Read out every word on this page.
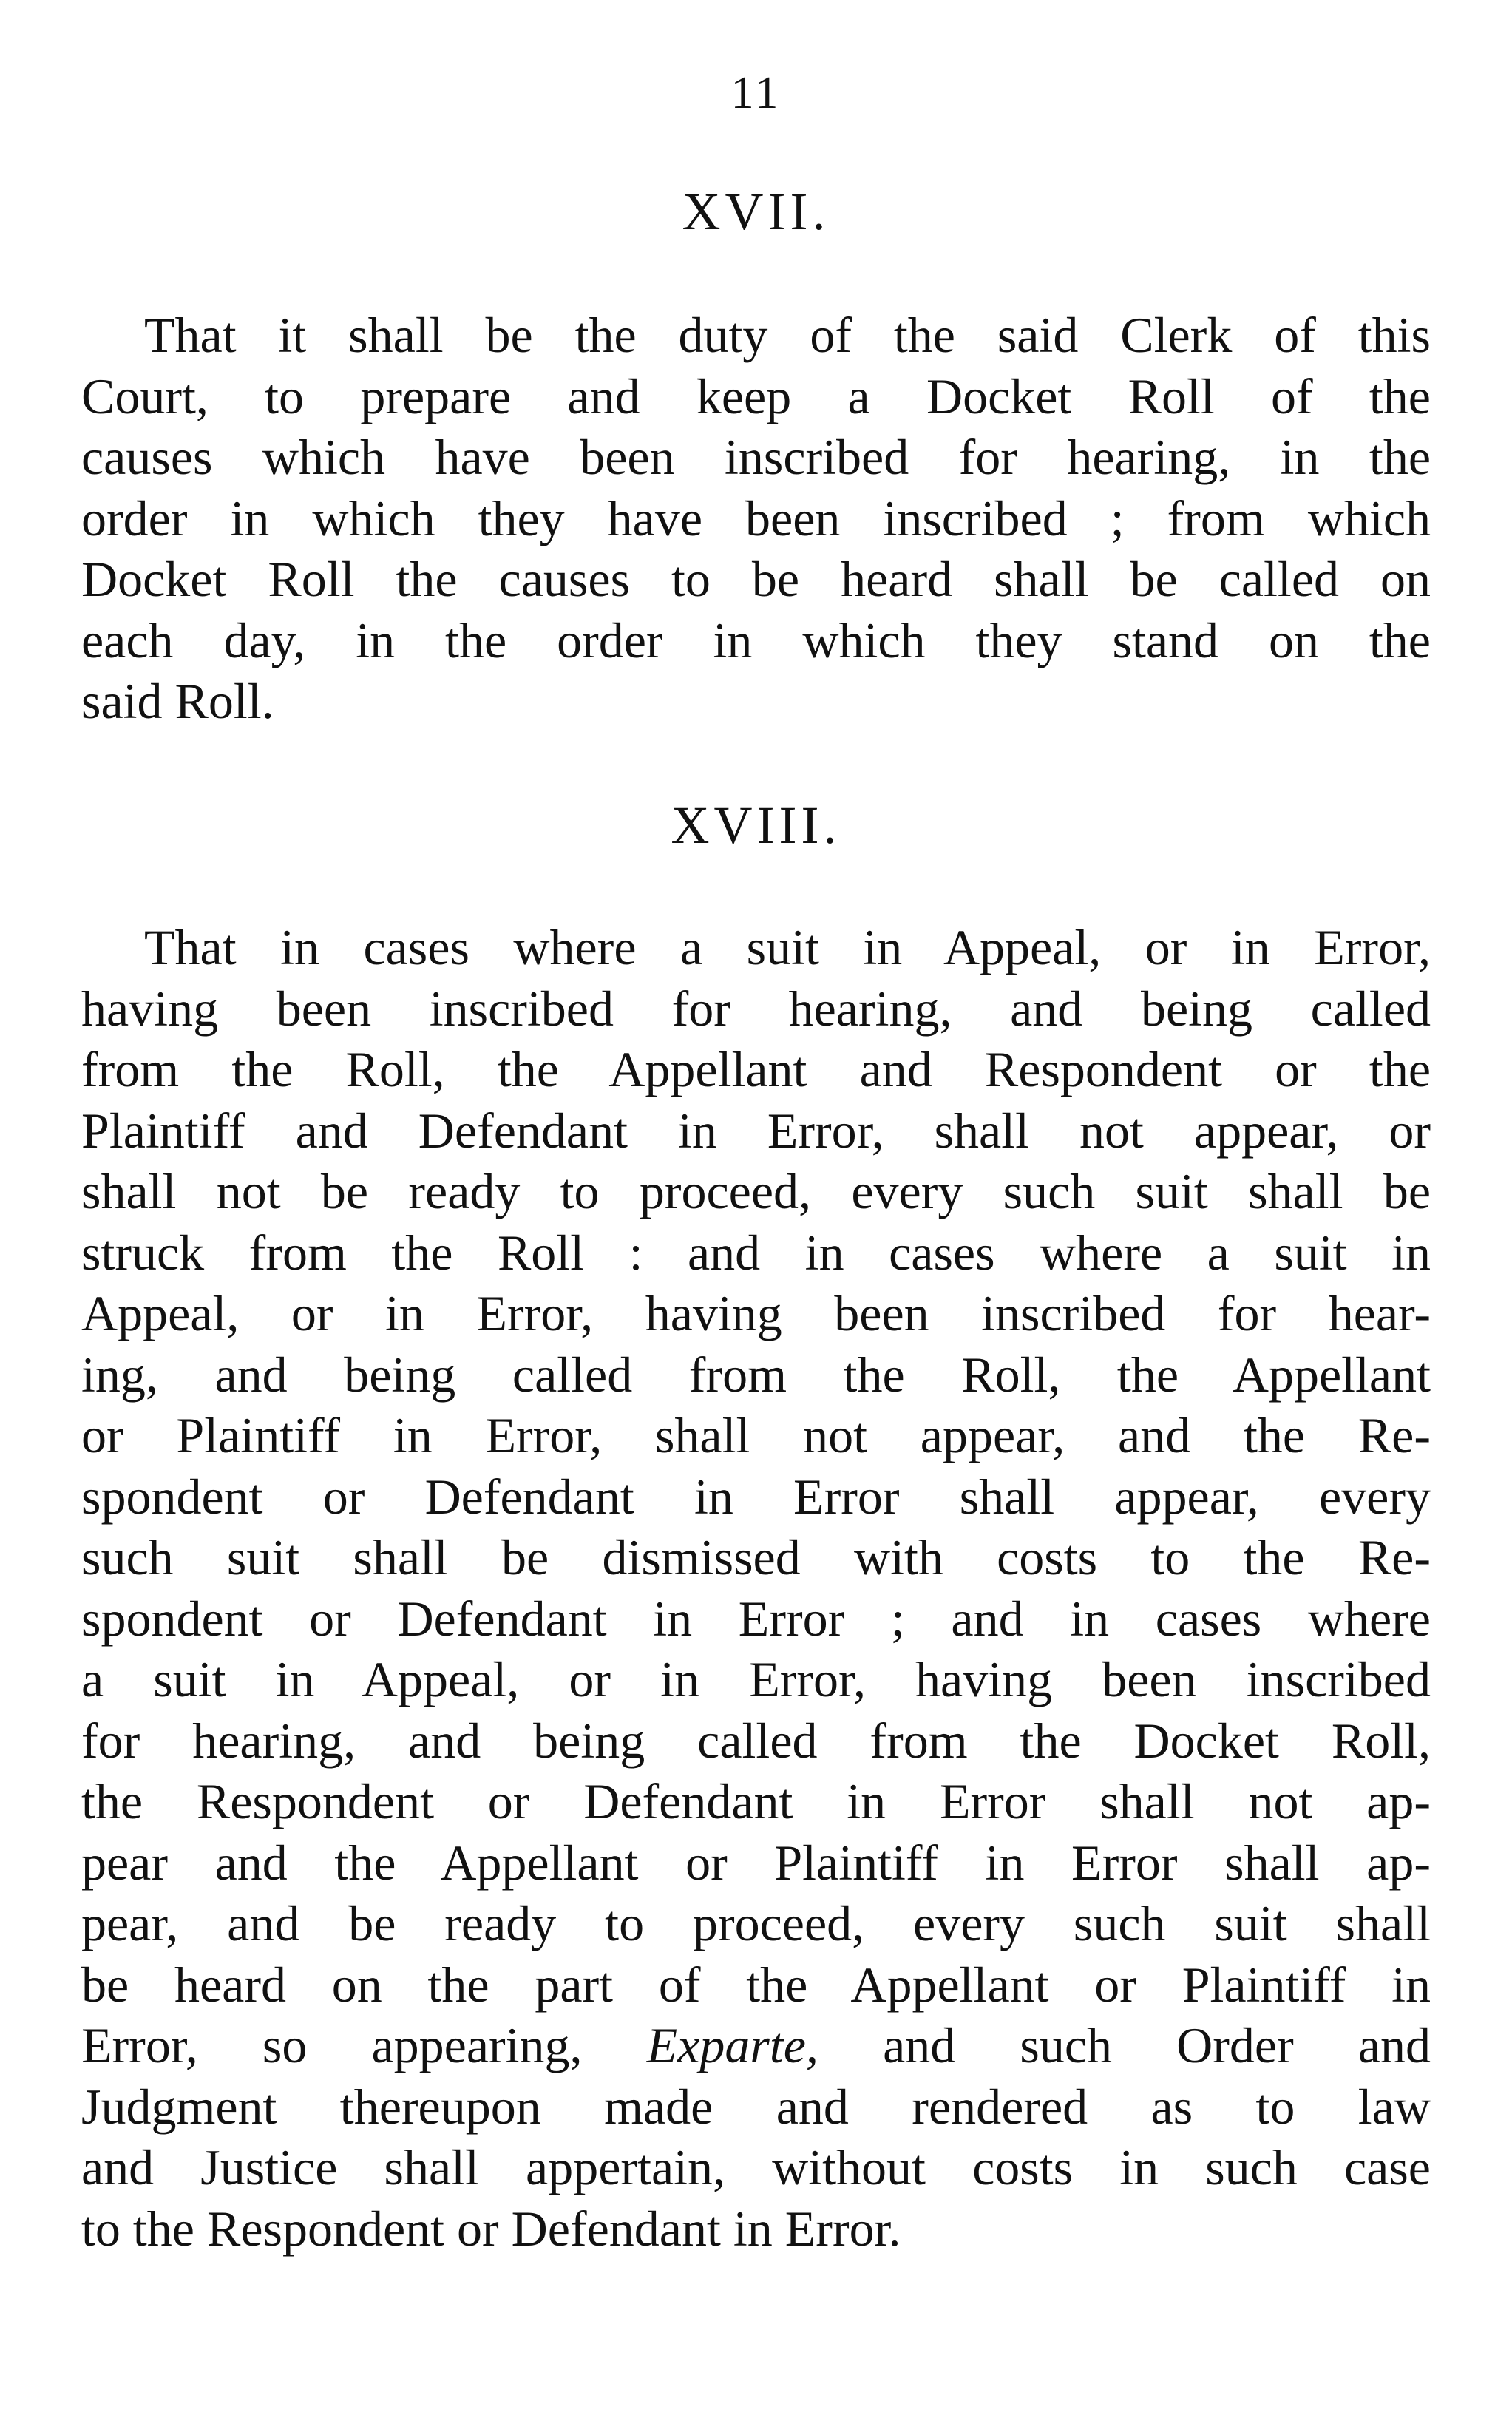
11
XVII.

That it shall be the duty of the said Clerk of this
Court, to prepare and keep a Docket Roll of the
causes which have been inscribed for hearing, in the
order in which they have been inscribed ; from which
Docket Roll the causes to be heard shall be called on
each day, in the order in which they stand on the
said Roll.

XVIII.

That in cases where a suit in Appeal, or in Error,
having been inscribed for hearing, and being called
from the Roll, the Appellant and Respondent or the
Plaintiff and Defendant in Error, shall not appear, or
shall not be ready to proceed, every such suit shall be
struck from the Roll : and in cases where a suit in
Appeal, or in Error, having been inscribed for hear-
ing, and being called from the Roll, the Appellant
or Plaintiff in Error, shall not appear, and the Re-
spondent or Defendant in Error shall appear, every
such suit shall be dismissed with costs to the Re-
spondent or Defendant in Error ; and in cases where
a suit in Appeal, or in Error, having been inscribed
for hearing, and being called from the Docket Roll,
the Respondent or Defendant in Error shall not ap-
pear and the Appellant or Plaintiff in Error shall ap-
pear, and be ready to proceed, every such suit shall
be heard on the part of the Appellant or Plaintiff in
Error, so appearing, Exparte, and such Order and
Judgment thereupon made and rendered as to law
and Justice shall appertain, without costs in such case
to the Respondent or Defendant in Error.
